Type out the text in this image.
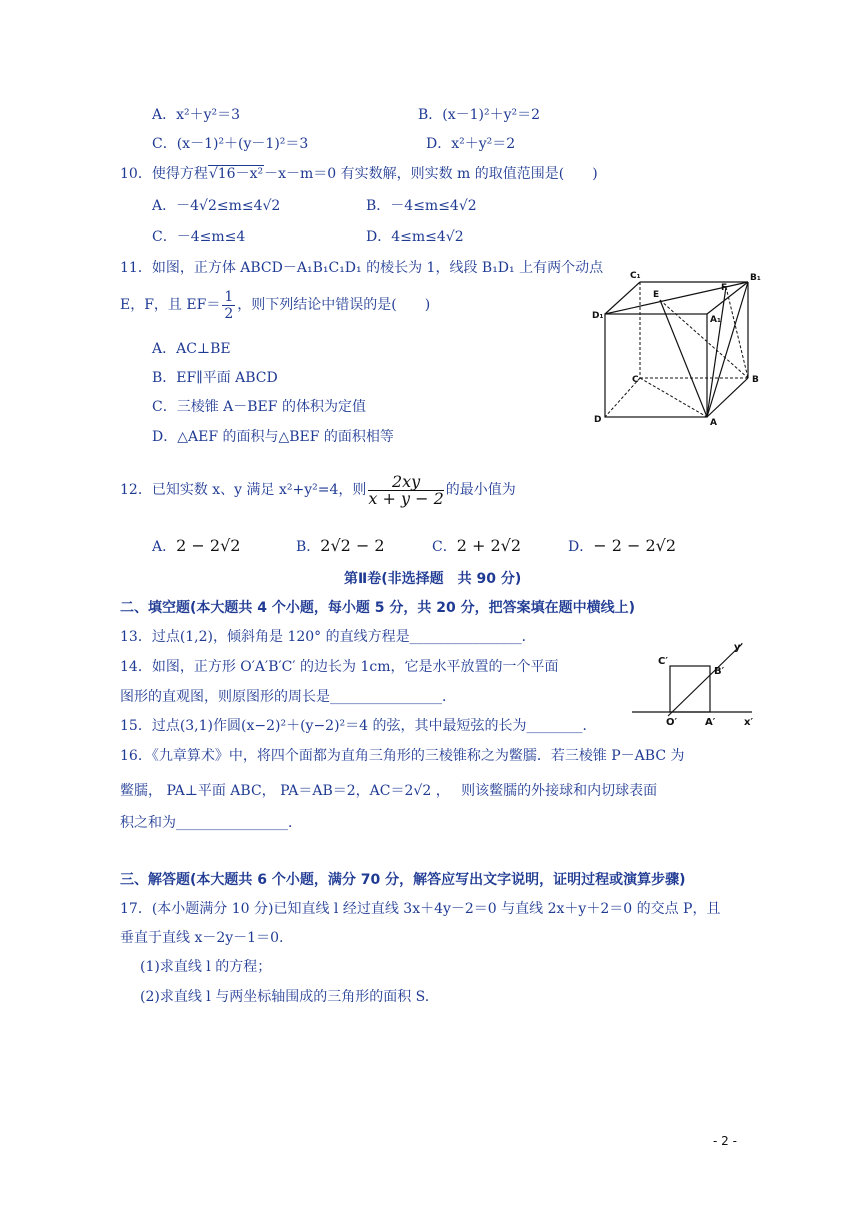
A．x²＋y²＝3	B．(x－1)²＋y²＝2
C．(x－1)²＋(y－1)²＝3	D．x²＋y²＝2
10．使得方程√16－x²－x－m＝0 有实数解，则实数 m 的取值范围是(　　)
A．－4√2≤m≤4√2	B．－4≤m≤4√2
C．－4≤m≤4	D．4≤m≤4√2
11．如图，正方体 ABCD－A₁B₁C₁D₁ 的棱长为 1，线段 B₁D₁ 上有两个动点
E，F，且 $EF= \frac{1}{2}$ ，则下列结论中错误的是(　　)
A．AC⊥BE
B．EF∥平面 ABCD
C．三棱锥 A－BEF 的体积为定值
D．△AEF 的面积与△BEF 的面积相等
C₁	B₁
D₁	A₁
E
F
C	B
D	A
12．已知实数 x、y 满足 x²+y²=4，则 $\frac{2xy}{x + y - 2}$ 的最小值为
A．2 − 2√2	B．2√2 − 2	C．2 + 2√2	D．− 2 − 2√2
第Ⅱ卷(非选择题　共 90 分)
二、填空题(本大题共 4 个小题，每小题 5 分，共 20 分，把答案填在题中横线上)
13．过点(1,2)，倾斜角是 120° 的直线方程是________________．
14．如图，正方形 O′A′B′C′ 的边长为 1cm，它是水平放置的一个平面
图形的直观图，则原图形的周长是________________．
y′
C′
B′
O′	A′	x′
15．过点(3,1)作圆(x−2)²＋(y−2)²＝4 的弦，其中最短弦的长为________．
16．《九章算术》中，将四个面都为直角三角形的三棱锥称之为鳖臑．若三棱锥 P－ABC 为
鳖臑， PA⊥平面 ABC， PA＝AB＝2，AC＝2√2 ，　 则该鳖臑的外接球和内切球表面
积之和为________________．
三、解答题(本大题共 6 个小题，满分 70 分，解答应写出文字说明，证明过程或演算步骤)
17．(本小题满分 10 分)已知直线 l 经过直线 3x＋4y－2＝0 与直线 2x＋y＋2＝0 的交点 P，且
垂直于直线 x－2y－1＝0.
(1)求直线 l 的方程；
(2)求直线 l 与两坐标轴围成的三角形的面积 S.
- 2 -
